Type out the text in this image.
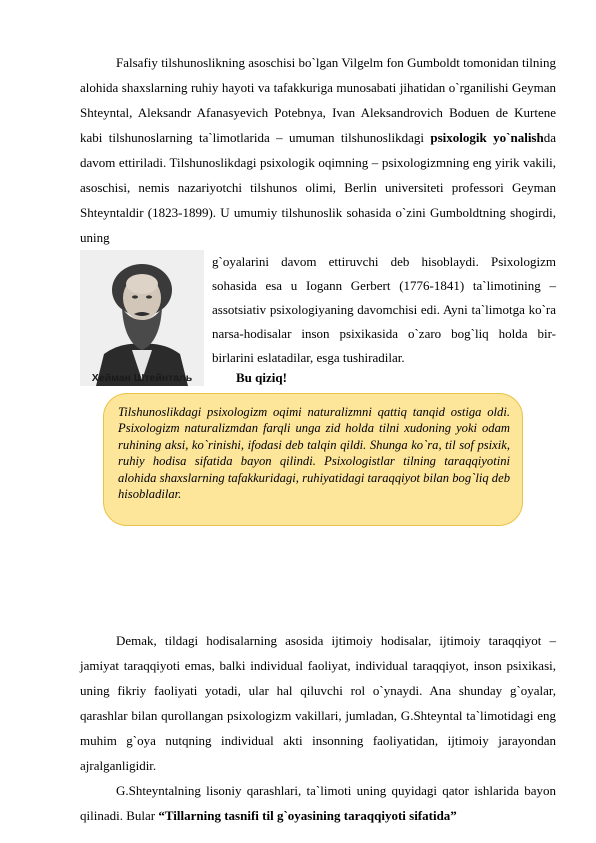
Falsafiy tilshunoslikning asoschisi bo`lgan Vilgelm fon Gumboldt tomonidan tilning alohida shaxslarning ruhiy hayoti va tafakkuriga munosabati jihatidan o`rganilishi Geyman Shteyntal, Aleksandr Afanasyevich Potebnya, Ivan Aleksandrovich Boduen de Kurtene kabi tilshunoslarning ta`limotlarida – umuman tilshunoslikdagi psixologik yo`nalishda davom ettiriladi. Tilshunoslikdagi psixologik oqimning – psixologizmning eng yirik vakili, asoschisi, nemis nazariyotchi tilshunos olimi, Berlin universiteti professori Geyman Shteyntaldir (1823-1899). U umumiy tilshunoslik sohasida o`zini Gumboldtning shogirdi, uning

Хейман Штейнталь

g`oyalarini davom ettiruvchi deb hisoblaydi. Psixologizm sohasida esa u Iogann Gerbert (1776-1841) ta`limotining – assotsiativ psixologiyaning davomchisi edi. Ayni ta`limotga ko`ra narsa-hodisalar inson psixikasida o`zaro bog`liq holda bir-birlarini eslatadilar, esga tushiradilar.

Bu qiziq!

Tilshunoslikdagi psixologizm oqimi naturalizmni qattiq tanqid ostiga oldi. Psixologizm naturalizmdan farqli unga zid holda tilni xudoning yoki odam ruhining aksi, ko`rinishi, ifodasi deb talqin qildi. Shunga ko`ra, til sof psixik, ruhiy hodisa sifatida bayon qilindi. Psixologistlar tilning taraqqiyotini alohida shaxslarning tafakkuridagi, ruhiyatidagi taraqqiyot bilan bog`liq deb hisobladilar.

Demak, tildagi hodisalarning asosida ijtimoiy hodisalar, ijtimoiy taraqqiyot – jamiyat taraqqiyoti emas, balki individual faoliyat, individual taraqqiyot, inson psixikasi, uning fikriy faoliyati yotadi, ular hal qiluvchi rol o`ynaydi. Ana shunday g`oyalar, qarashlar bilan qurollangan psixologizm vakillari, jumladan, G.Shteyntal ta`limotidagi eng muhim g`oya nutqning individual akti insonning faoliyatidan, ijtimoiy jarayondan ajralganligidir.

G.Shteyntalning lisoniy qarashlari, ta`limoti uning quyidagi qator ishlarida bayon qilinadi. Bular “Tillarning tasnifi til g`oyasining taraqqiyoti sifatida”
